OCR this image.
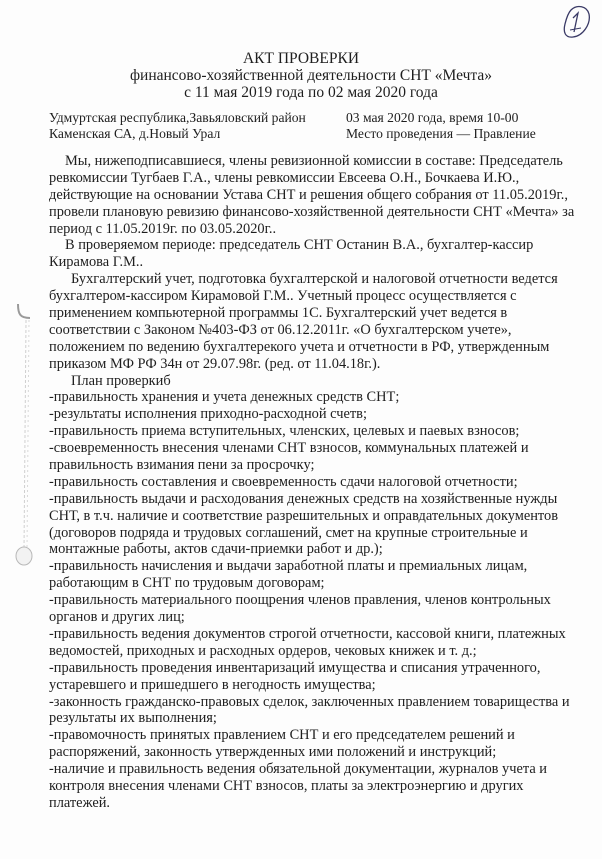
АКТ ПРОВЕРКИ
финансово-хозяйственной деятельности СНТ «Мечта»
с 11 мая 2019 года по 02 мая 2020 года
Удмуртская республика,Завьяловский район
Каменская СА, д.Новый Урал
03 мая 2020 года, время 10-00
Место проведения — Правление
Мы, нижеподписавшиеся, члены ревизионной комиссии в составе: Председатель
ревкомиссии Тугбаев Г.А., члены ревкомиссии Евсеева О.Н., Бочкаева И.Ю.,
действующие на основании Устава СНТ и решения общего собрания от 11.05.2019г.,
провели плановую ревизию финансово-хозяйственной деятельности СНТ «Мечта» за
период с 11.05.2019г. по 03.05.2020г..
В проверяемом периоде: председатель СНТ Останин В.А., бухгалтер-кассир
Кирамова Г.М..
Бухгалтерский учет, подготовка бухгалтерской и налоговой отчетности ведется
бухгалтером-кассиром Кирамовой Г.М.. Учетный процесс осуществляется с
применением компьютерной программы 1С. Бухгалтерский учет ведется в
соответствии с Законом №403-ФЗ от 06.12.2011г. «О бухгалтерском учете»,
положением по ведению бухгалтерекого учета и отчетности в РФ, утвержденным
приказом МФ РФ 34н от 29.07.98г. (ред. от 11.04.18г.).
План проверкиб
-правильность хранения и учета денежных средств СНТ;
-результаты исполнения приходно-расходной счетв;
-правильность приема вступительных, членских, целевых и паевых взносов;
-своевременность внесения членами СНТ взносов, коммунальных платежей и
правильность взимания пени за просрочку;
-правильность составления и своевременность сдачи налоговой отчетности;
-правильность выдачи и расходования денежных средств на хозяйственные нужды
СНТ, в т.ч. наличие и соответствие разрешительных и оправдательных документов
(договоров подряда и трудовых соглашений, смет на крупные строительные и
монтажные работы, актов сдачи-приемки работ и др.);
-правильность начисления и выдачи заработной платы и премиальных лицам,
работающим в СНТ по трудовым договорам;
-правильность материального поощрения членов правления, членов контрольных
органов и других лиц;
-правильность ведения документов строгой отчетности, кассовой книги, платежных
ведомостей, приходных и расходных ордеров, чековых книжек и т. д.;
-правильность проведения инвентаризаций имущества и списания утраченного,
устаревшего и пришедшего в негодность имущества;
-законность гражданско-правовых сделок, заключенных правлением товарищества и
результаты их выполнения;
-правомочность принятых правлением СНТ и его председателем решений и
распоряжений, законность утвержденных ими положений и инструкций;
-наличие и правильность ведения обязательной документации, журналов учета и
контроля внесения членами СНТ взносов, платы за электроэнергию и других
платежей.
